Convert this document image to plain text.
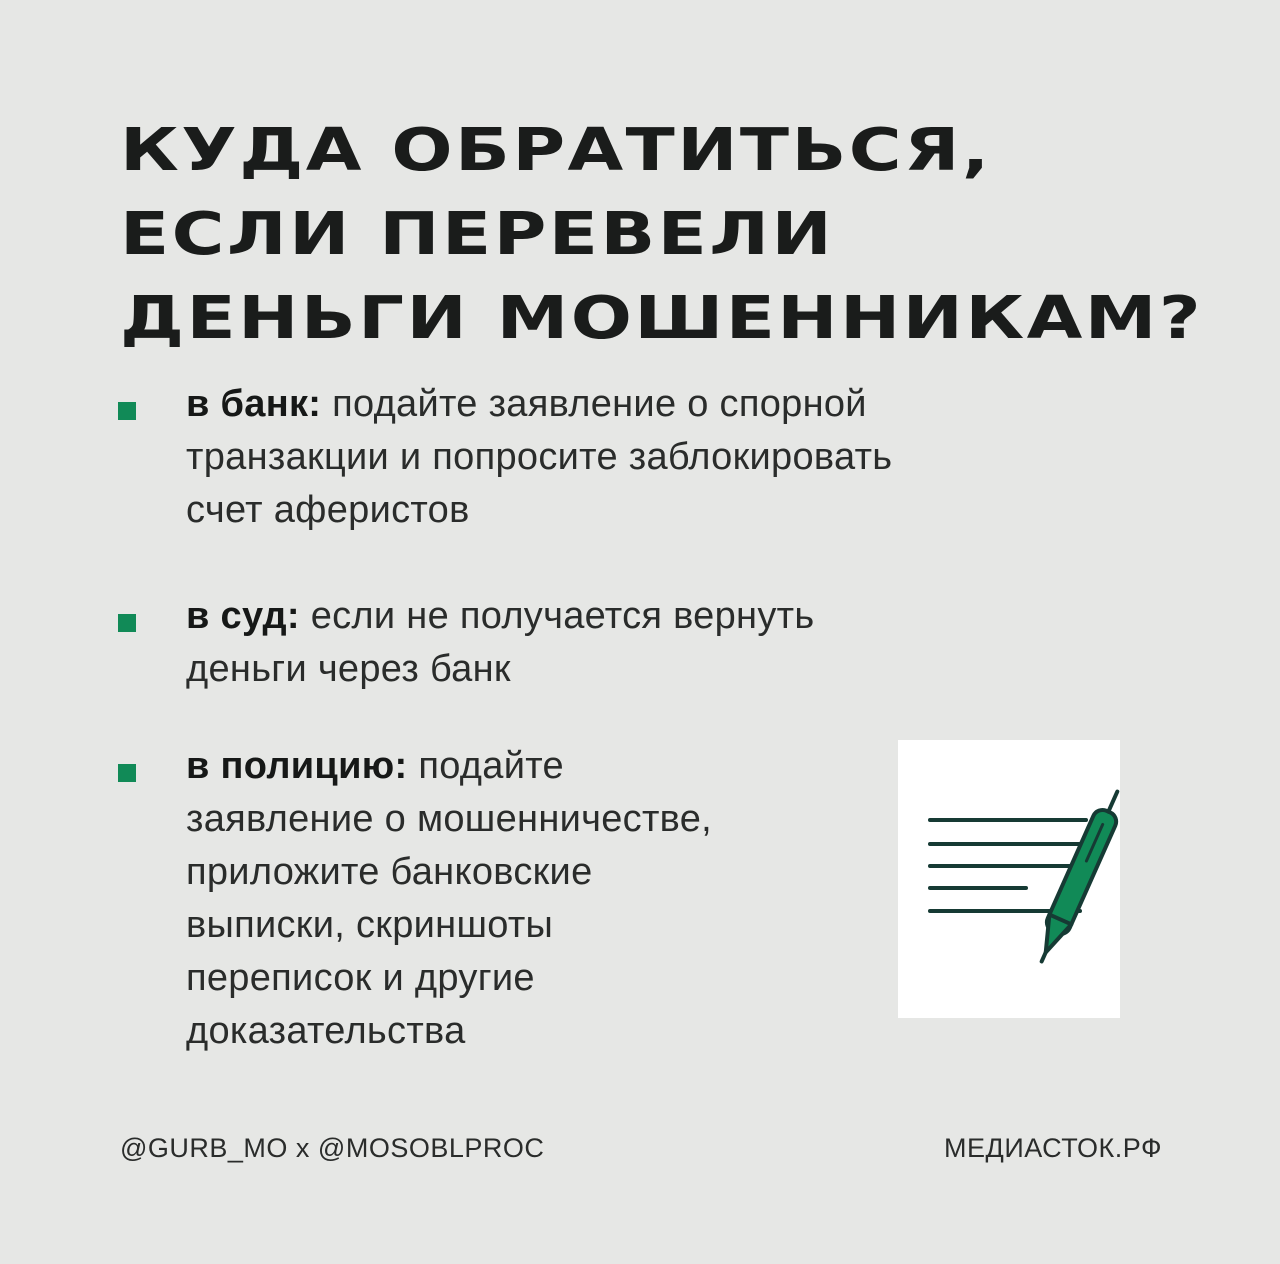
КУДА ОБРАТИТЬСЯ,
ЕСЛИ ПЕРЕВЕЛИ
ДЕНЬГИ МОШЕННИКАМ?
в банк: подайте заявление о спорной
транзакции и попросите заблокировать
счет аферистов
в суд: если не получается вернуть
деньги через банк
в полицию: подайте
заявление о мошенничестве,
приложите банковские
выписки, скриншоты
переписок и другие
доказательства
@GURB_MO x @MOSOBLPROC	МЕДИАСТОК.РФ
